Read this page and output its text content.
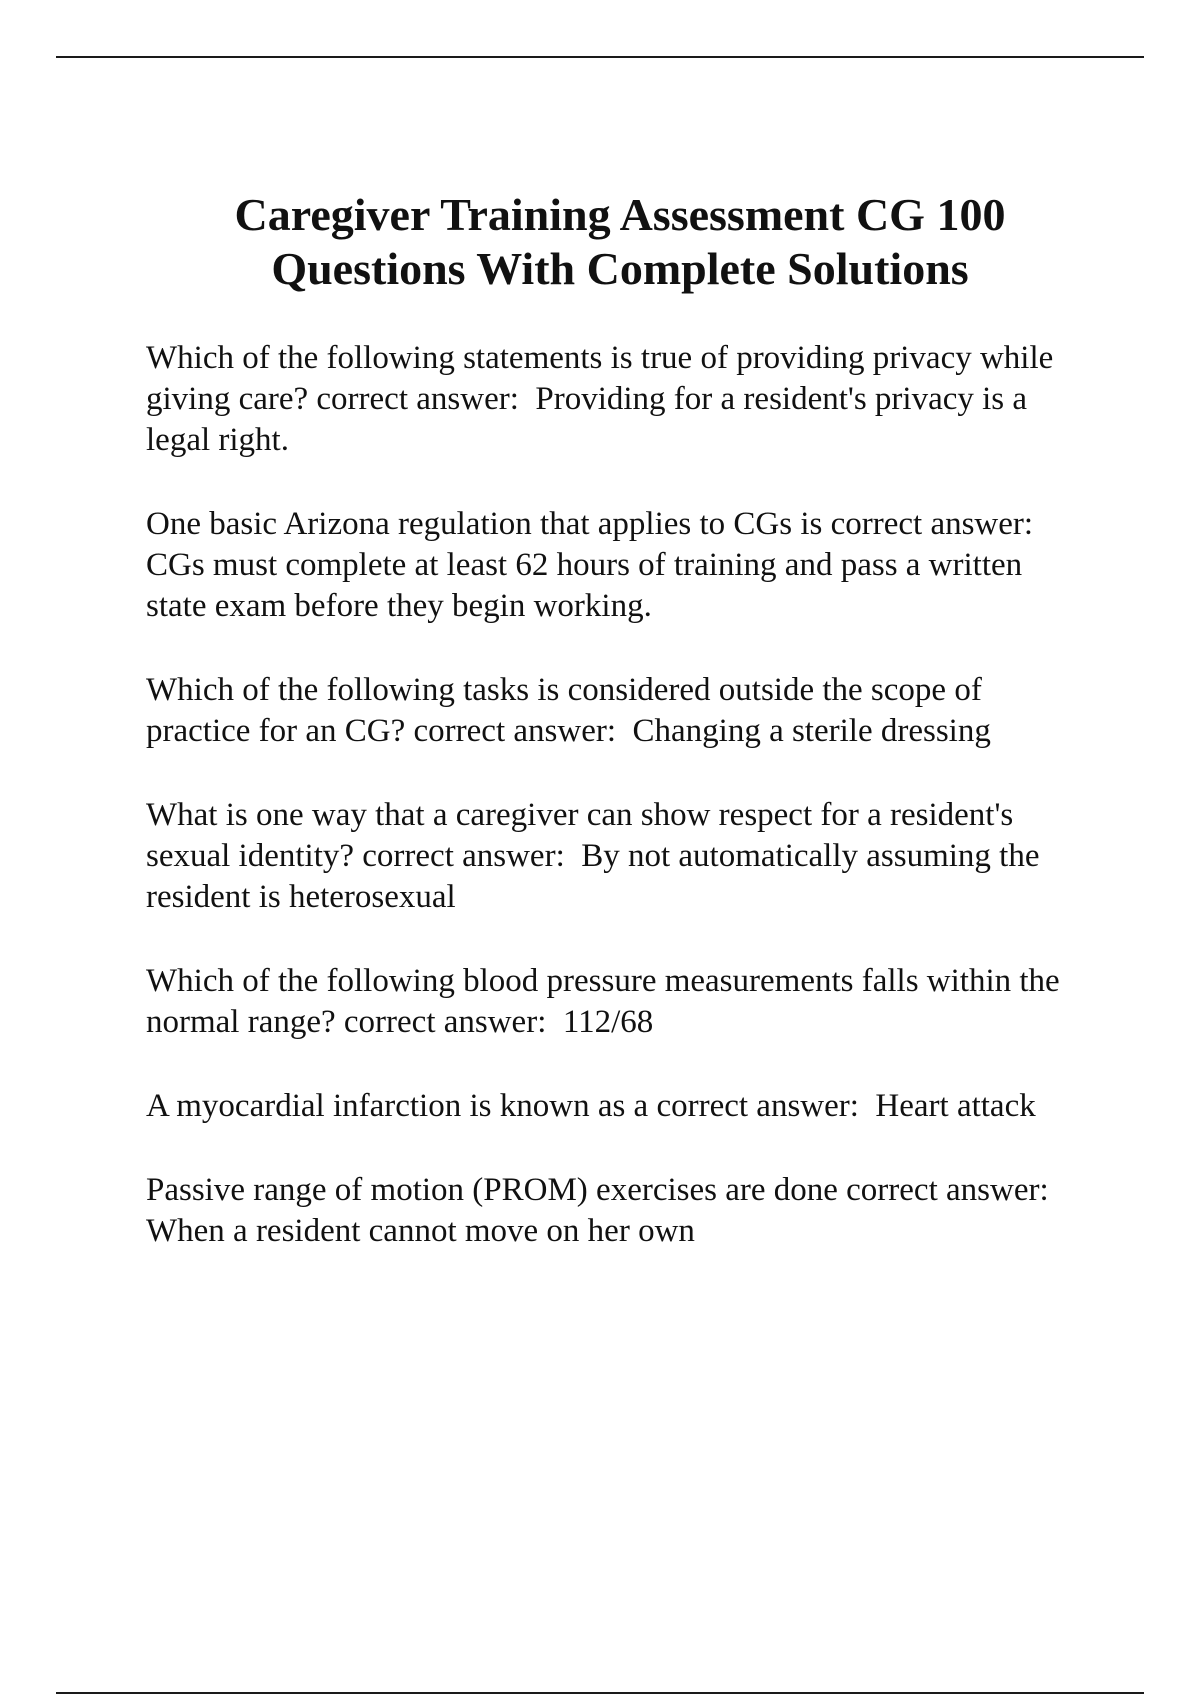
Caregiver Training Assessment CG 100
Questions With Complete Solutions
Which of the following statements is true of providing privacy while giving care? correct answer:  Providing for a resident's privacy is a legal right.
One basic Arizona regulation that applies to CGs is correct answer:  CGs must complete at least 62 hours of training and pass a written state exam before they begin working.
Which of the following tasks is considered outside the scope of practice for an CG? correct answer:  Changing a sterile dressing
What is one way that a caregiver can show respect for a resident's sexual identity? correct answer:  By not automatically assuming the resident is heterosexual
Which of the following blood pressure measurements falls within the normal range? correct answer:  112/68
A myocardial infarction is known as a correct answer:  Heart attack
Passive range of motion (PROM) exercises are done correct answer:  When a resident cannot move on her own
